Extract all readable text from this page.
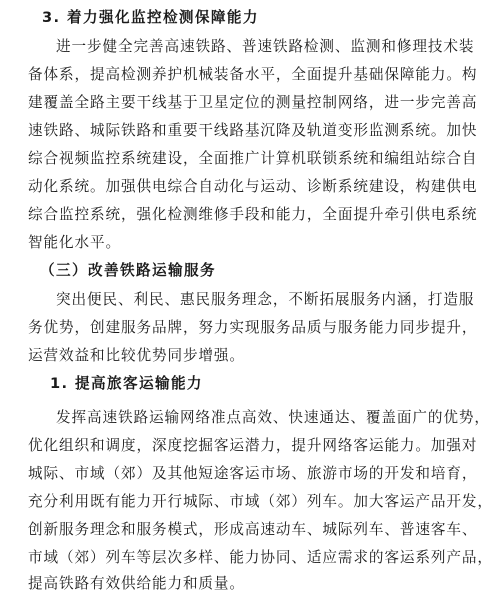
3. 着力强化监控检测保障能力
进一步健全完善高速铁路、普速铁路检测、监测和修理技术装
备体系，提高检测养护机械装备水平，全面提升基础保障能力。构
建覆盖全路主要干线基于卫星定位的测量控制网络，进一步完善高
速铁路、城际铁路和重要干线路基沉降及轨道变形监测系统。加快
综合视频监控系统建设，全面推广计算机联锁系统和编组站综合自
动化系统。加强供电综合自动化与运动、诊断系统建设，构建供电
综合监控系统，强化检测维修手段和能力，全面提升牵引供电系统
智能化水平。
（三）改善铁路运输服务
突出便民、利民、惠民服务理念，不断拓展服务内涵，打造服
务优势，创建服务品牌，努力实现服务品质与服务能力同步提升，
运营效益和比较优势同步增强。
1. 提高旅客运输能力
发挥高速铁路运输网络准点高效、快速通达、覆盖面广的优势，
优化组织和调度，深度挖掘客运潜力，提升网络客运能力。加强对
城际、市域（郊）及其他短途客运市场、旅游市场的开发和培育，
充分利用既有能力开行城际、市域（郊）列车。加大客运产品开发，
创新服务理念和服务模式，形成高速动车、城际列车、普速客车、
市域（郊）列车等层次多样、能力协同、适应需求的客运系列产品，
提高铁路有效供给能力和质量。
